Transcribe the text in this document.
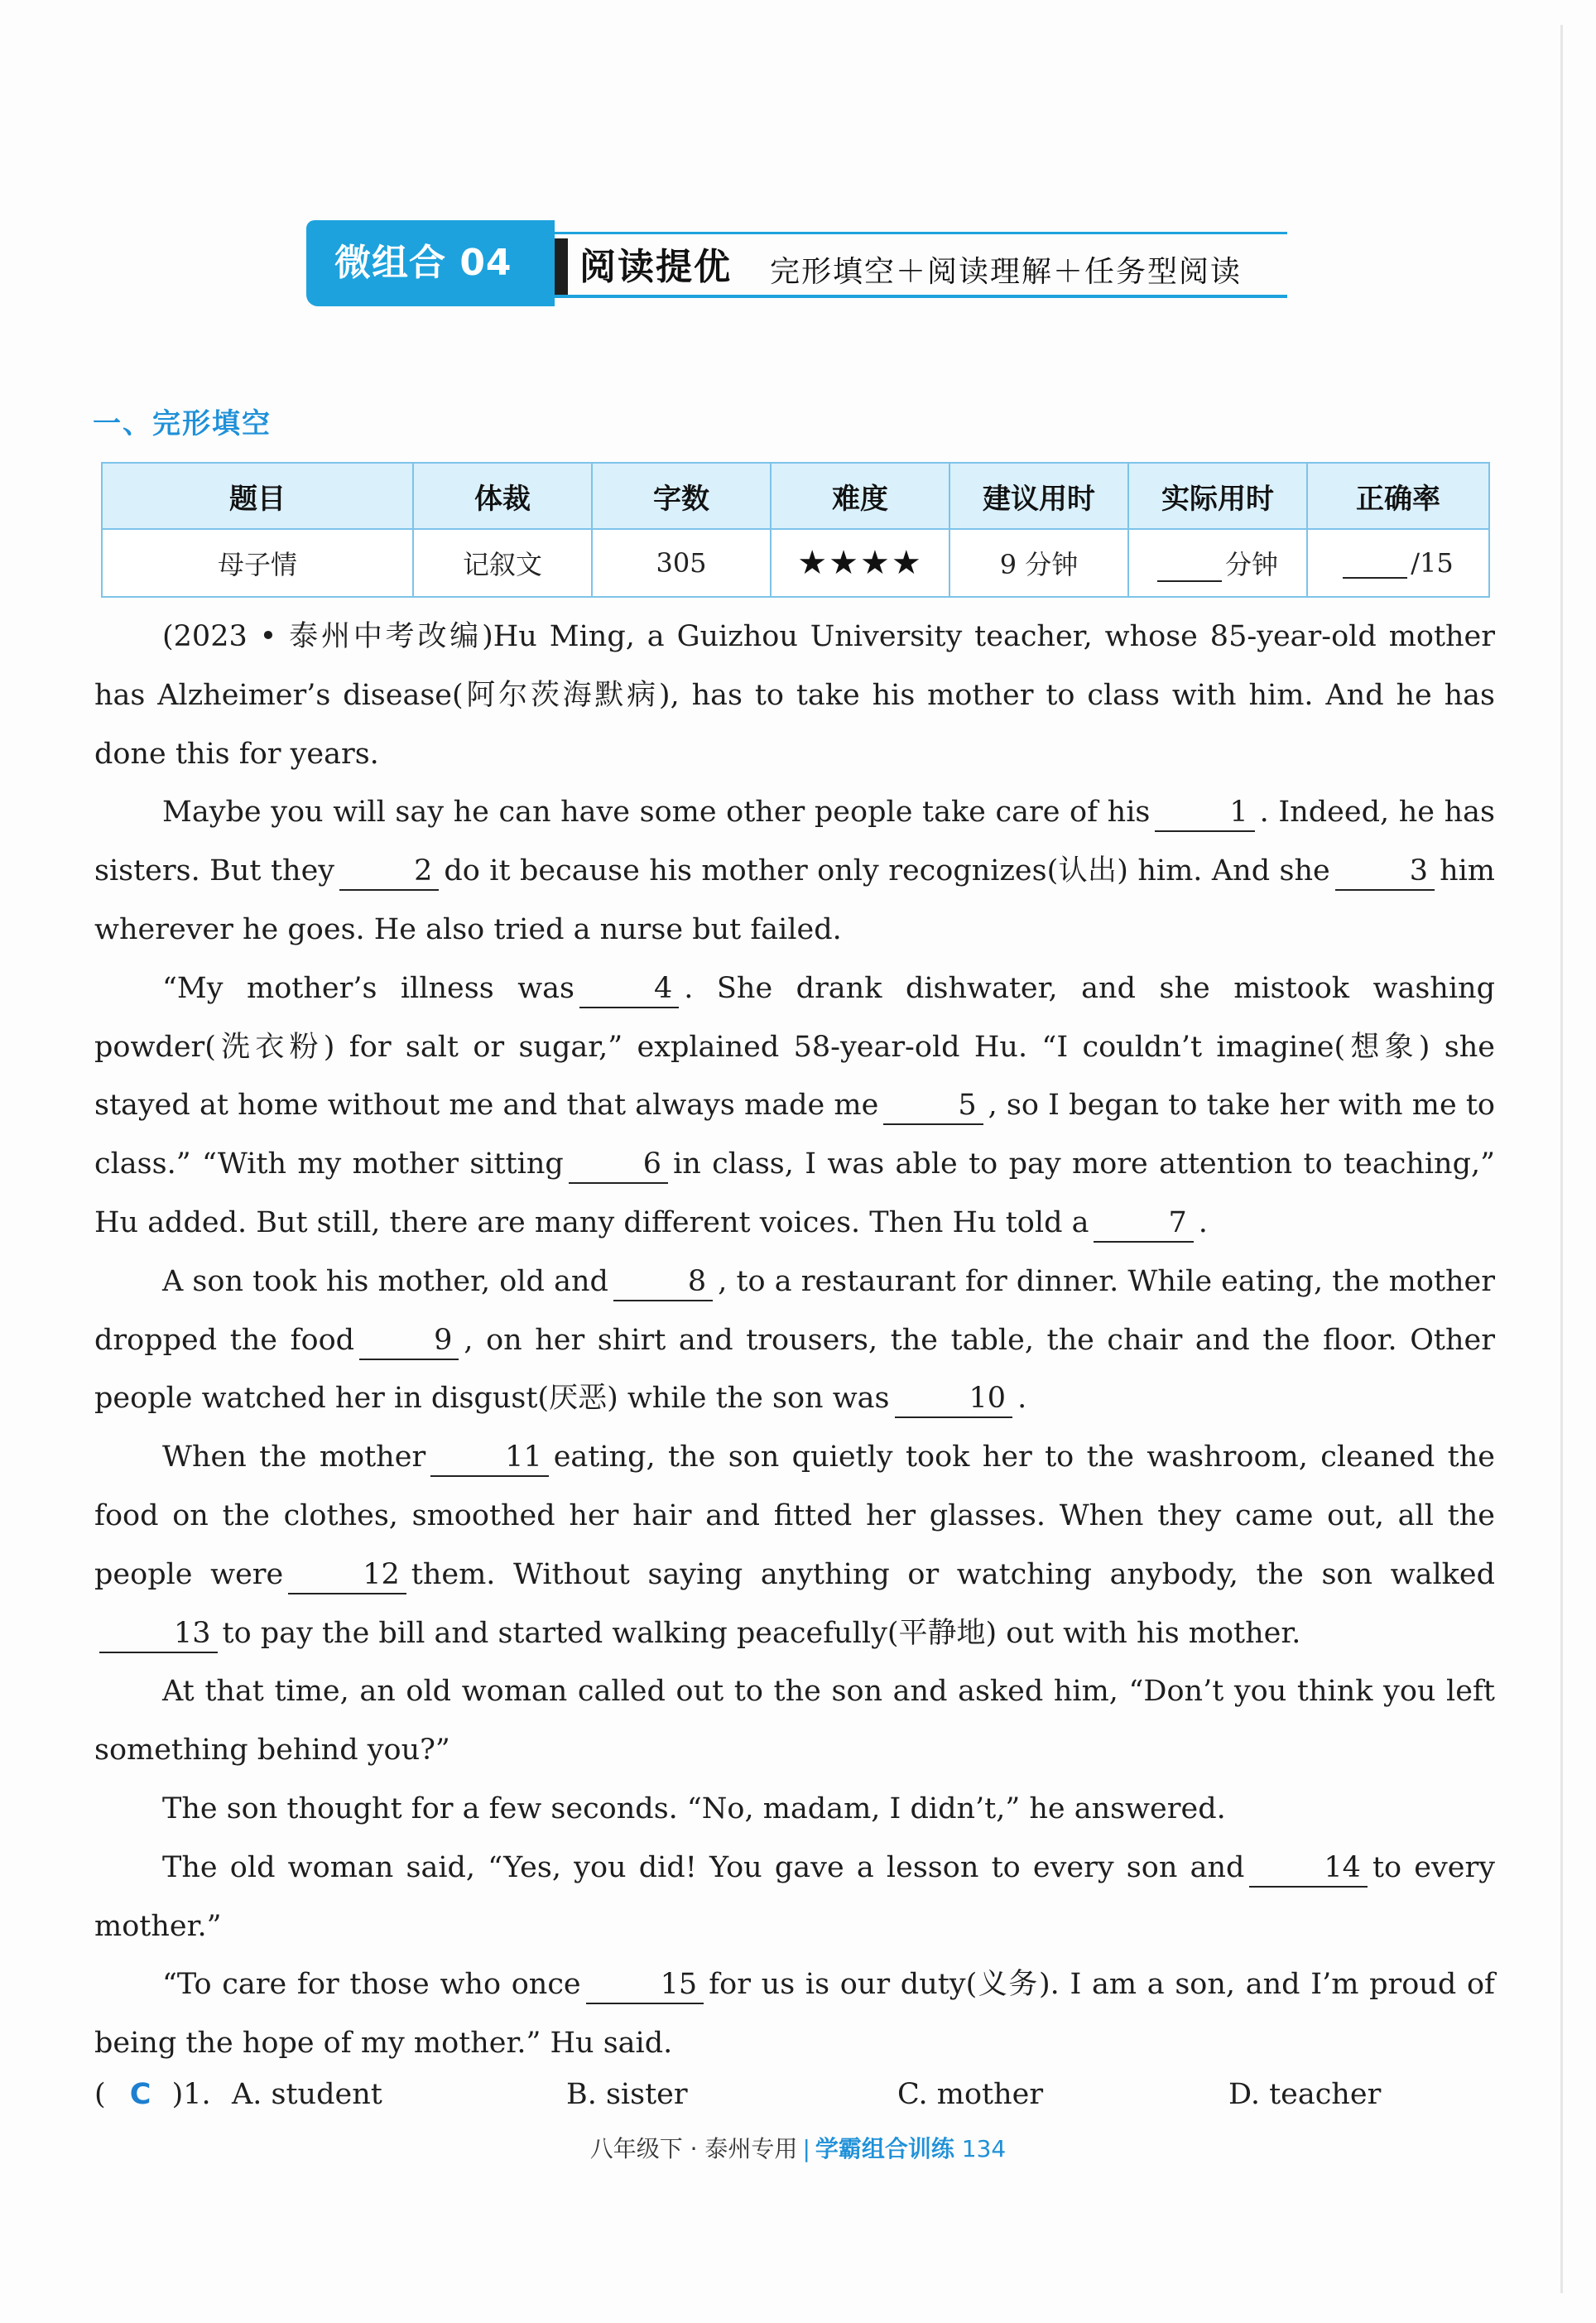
微组合 04	阅读提优 完形填空＋阅读理解＋任务型阅读
一、完形填空
题目	体裁	字数	难度	建议用时	实际用时	正确率
母子情	记叙文	305	★★★★	9 分钟	分钟	/15

(2023 • 泰州中考改编)Hu Ming, a Guizhou University teacher, whose 85-year-old mother has Alzheimer’s disease(阿尔茨海默病), has to take his mother to class with him. And he has done this for years.

Maybe you will say he can have some other people take care of his	1 . Indeed, he has sisters. But they	2 do it because his mother only recognizes(认出) him. And she	3 him wherever he goes. He also tried a nurse but failed.

“My mother’s illness was	4 . She drank dishwater, and she mistook washing powder(洗衣粉) for salt or sugar,” explained 58-year-old Hu. “I couldn’t imagine(想象) she stayed at home without me and that always made me	5 , so I began to take her with me to class.” “With my mother sitting	6 in class, I was able to pay more attention to teaching,” Hu added. But still, there are many different voices. Then Hu told a	7 .

A son took his mother, old and	8 , to a restaurant for dinner. While eating, the mother dropped the food	9 , on her shirt and trousers, the table, the chair and the floor. Other people watched her in disgust(厌恶) while the son was	10 .

When the mother	11 eating, the son quietly took her to the washroom, cleaned the food on the clothes, smoothed her hair and fitted her glasses. When they came out, all the people were	12 them. Without saying anything or watching anybody, the son walked13 to pay the bill and started walking peacefully(平静地) out with his mother.

At that time, an old woman called out to the son and asked him, “Don’t you think you left something behind you?”

The son thought for a few seconds. “No, madam, I didn’t,” he answered.

The old woman said, “Yes, you did! You gave a lesson to every son and	14 to every mother.”

“To care for those who once	15 for us is our duty(义务). I am a son, and I’m proud of being the hope of my mother.” Hu said.

( C )1. A. student	B. sister	C. mother	D. teacher
八年级下 · 泰州专用 | 学霸组合训练 134
